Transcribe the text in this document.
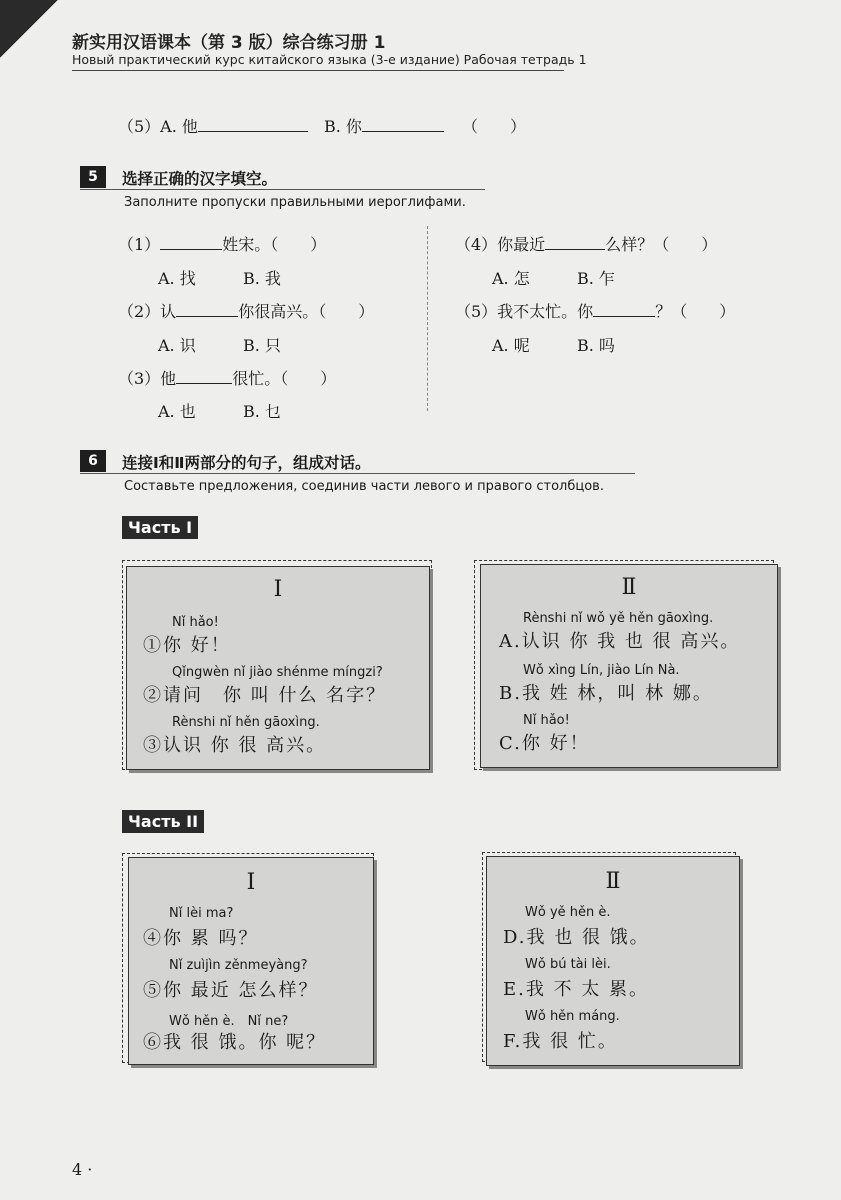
新实用汉语课本（第 3 版）综合练习册 1
Новый практический курс китайского языка (3-е издание) Рабочая тетрадь 1
（5）A. 他	B. 你	（　　）
5	选择正确的汉字填空。
Заполните пропуски правильными иероглифами.
（1）	姓宋。（　　）
A. 找	B. 我
（2）认	你很高兴。（　　）
A. 识	B. 只
（3）他	很忙。（　　）
A. 也	B. 乜
（4）你最近	么样？（　　）
A. 怎	B. 乍
（5）我不太忙。你	？（　　）
A. 呢	B. 吗
6	连接Ⅰ和Ⅱ两部分的句子，组成对话。
Составьте предложения, соединив части левого и правого столбцов.
Часть I
I
Nǐ hǎo!
①你 好！
Qǐngwèn nǐ jiào shénme míngzi?
②请问　你 叫 什么 名字？
Rènshi nǐ hěn gāoxìng.
③认识 你 很 高兴。
Ⅱ
Rènshi nǐ wǒ yě hěn gāoxìng.
A.认识 你 我 也 很 高兴。
Wǒ xìng Lín, jiào Lín Nà.
B.我 姓 林，叫 林 娜。
Nǐ hǎo!
C.你 好！
Часть II
I
Nǐ lèi ma?
④你 累 吗？
Nǐ zuìjìn zěnmeyàng?
⑤你 最近 怎么样？
Wǒ hěn è.　Nǐ ne?
⑥我 很 饿。你 呢？
Ⅱ
Wǒ yě hěn è.
D.我 也 很 饿。
Wǒ bú tài lèi.
E.我 不 太 累。
Wǒ hěn máng.
F.我 很 忙。
4 ·
